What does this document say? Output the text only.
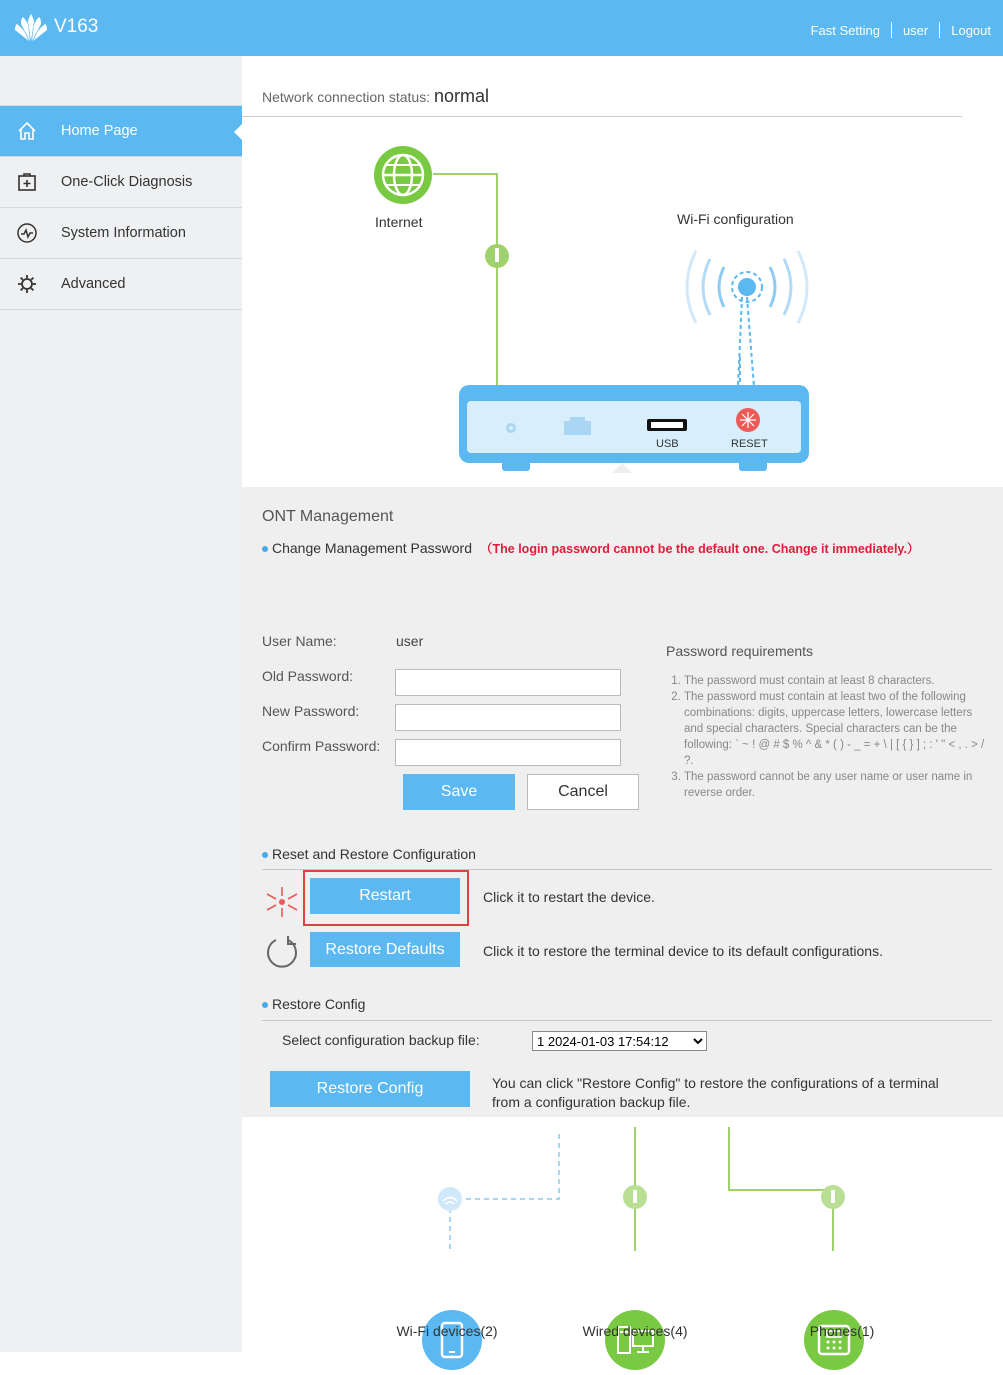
V163	Fast Setting user Logout
Home Page
One-Click Diagnosis
System Information
Advanced
Network connection status: normal
Internet	Wi-Fi configuration
USB	RESET
ONT Management
Change Management Password （The login password cannot be the default one. Change it immediately.）
User Name:	user
Old Password:
New Password:
Confirm Password:
Save	Cancel
Password requirements
1. The password must contain at least 8 characters.
2. The password must contain at least two of the following combinations: digits, uppercase letters, lowercase letters and special characters. Special characters can be the following: ` ~ ! @ # $ % ^ & * ( ) - _ = + \ | [ { } ] ; : ' " < , . > / ?.
3. The password cannot be any user name or user name in reverse order.
Reset and Restore Configuration
Restart	Click it to restart the device.
Restore Defaults	Click it to restore the terminal device to its default configurations.
Restore Config
Select configuration backup file:
1 2024-01-03 17:54:12
Restore Config	You can click "Restore Config" to restore the configurations of a terminal
from a configuration backup file.
Wi-Fi devices(2)	Wired devices(4)	Phones(1)
